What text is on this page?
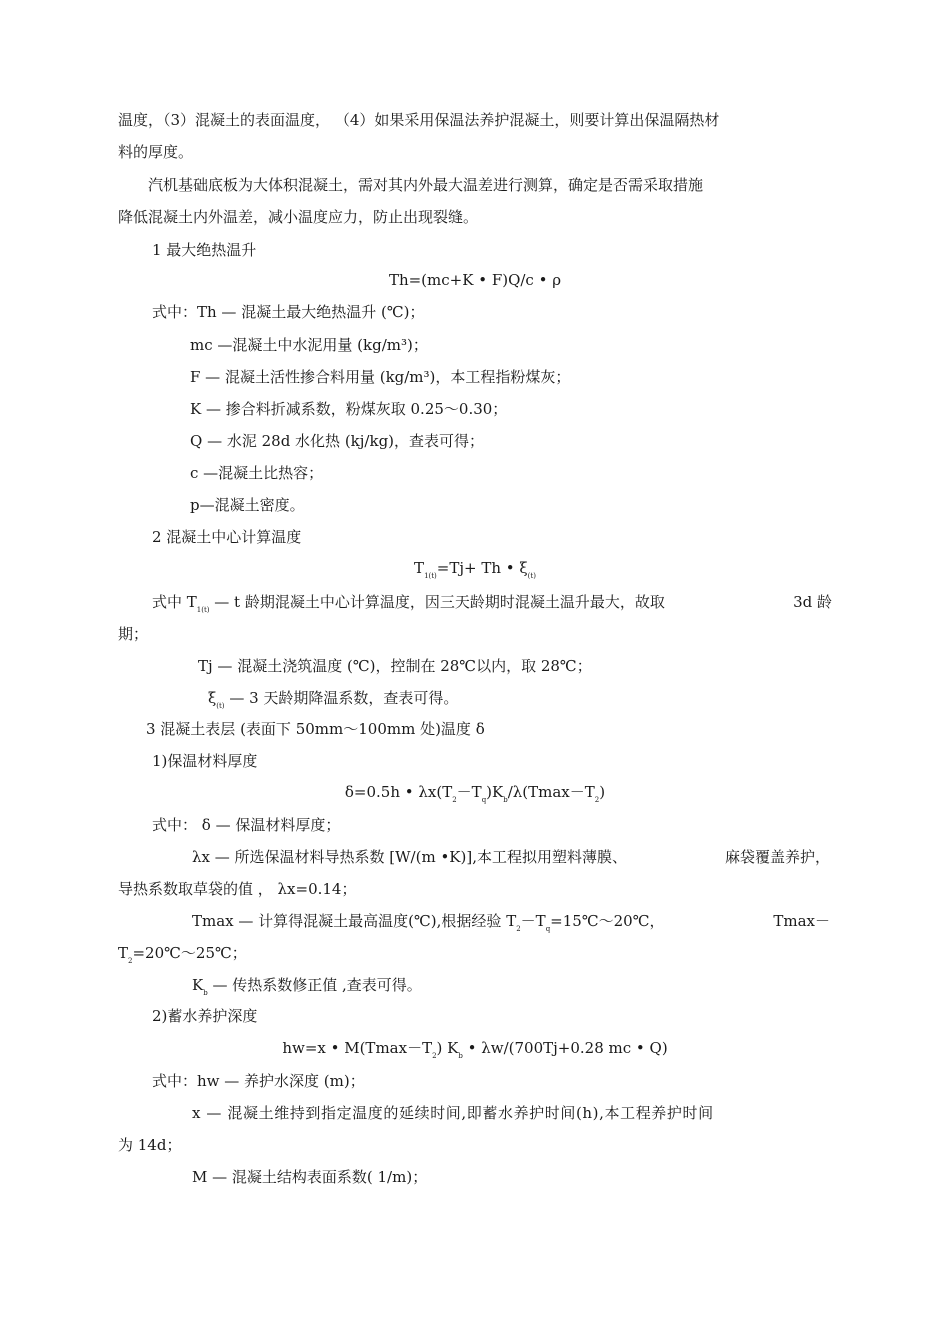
温度，（3）混凝土的表面温度， （4）如果采用保温法养护混凝土，则要计算出保温隔热材
料的厚度。
汽机基础底板为大体积混凝土，需对其内外最大温差进行测算，确定是否需采取措施
降低混凝土内外温差，减小温度应力，防止出现裂缝。
1 最大绝热温升
Th=(mc+K • F)Q/c • ρ
式中：Th — 混凝土最大绝热温升 (℃)；
mc —混凝土中水泥用量 (kg/m³)；
F — 混凝土活性掺合料用量 (kg/m³)，本工程指粉煤灰；
K — 掺合料折减系数，粉煤灰取 0.25～0.30；
Q — 水泥 28d 水化热 (kj/kg)，查表可得；
c —混凝土比热容；
p—混凝土密度。
2 混凝土中心计算温度
$T_{1(t)}=Tj+ Th$ • $\xi_{(t)}$
式中 $T_{1(t)}$ — t 龄期混凝土中心计算温度，因三天龄期时混凝土温升最大，故取	3d 龄
期；
Tj — 混凝土浇筑温度 (℃)，控制在 28℃以内，取 28℃；
$\xi_{(t)}$ — 3 天龄期降温系数，查表可得。
3 混凝土表层 (表面下 50mm～100mm 处)温度 δ
1)保温材料厚度
δ=0.5h • $\lambda x(T_2-T_q)K_b/\lambda(Tmax-T_2)$
式中： δ — 保温材料厚度；
λx — 所选保温材料导热系数 [W/(m •K)],本工程拟用塑料薄膜、	麻袋覆盖养护，
导热系数取草袋的值 ， λx=0.14；
Tmax — 计算得混凝土最高温度(℃),根据经验 $T_2-T_q=15℃\sim 20℃$，	Tmax－
$T_2=20℃\sim 25℃$；
$K_b$ — 传热系数修正值 ,查表可得。
2)蓄水养护深度
hw=x • $M(Tmax-T_2)$ $K_b$ • λw/(700Tj+0.28 mc • Q)
式中：hw — 养护水深度 (m)；
x — 混凝土维持到指定温度的延续时间,即蓄水养护时间(h),本工程养护时间
为 14d；
M — 混凝土结构表面系数( 1/m)；
